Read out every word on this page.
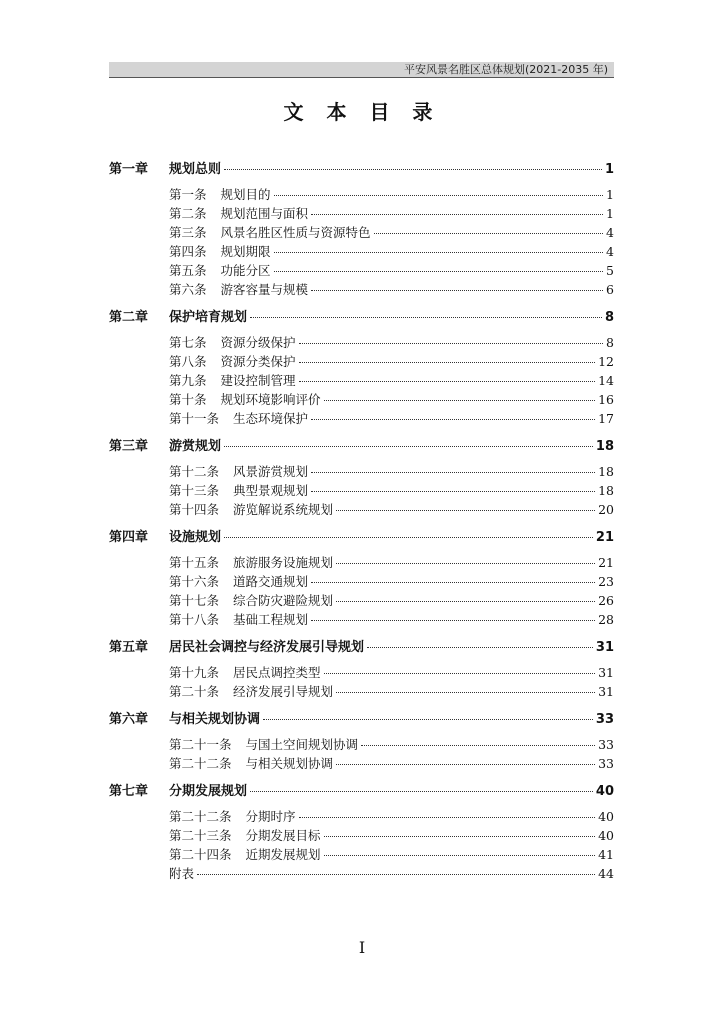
平安风景名胜区总体规划(2021-2035 年)
文 本 目 录
第一章	规划总则	1
第一条 规划目的	1
第二条 规划范围与面积	1
第三条 风景名胜区性质与资源特色	4
第四条 规划期限	4
第五条 功能分区	5
第六条 游客容量与规模	6
第二章	保护培育规划	8
第七条 资源分级保护	8
第八条 资源分类保护	12
第九条 建设控制管理	14
第十条 规划环境影响评价	16
第十一条 生态环境保护	17
第三章	游赏规划	18
第十二条 风景游赏规划	18
第十三条 典型景观规划	18
第十四条 游览解说系统规划	20
第四章	设施规划	21
第十五条 旅游服务设施规划	21
第十六条 道路交通规划	23
第十七条 综合防灾避险规划	26
第十八条 基础工程规划	28
第五章	居民社会调控与经济发展引导规划	31
第十九条 居民点调控类型	31
第二十条 经济发展引导规划	31
第六章	与相关规划协调	33
第二十一条 与国土空间规划协调	33
第二十二条 与相关规划协调	33
第七章	分期发展规划	40
第二十二条 分期时序	40
第二十三条 分期发展目标	40
第二十四条 近期发展规划	41
附表	44
I
